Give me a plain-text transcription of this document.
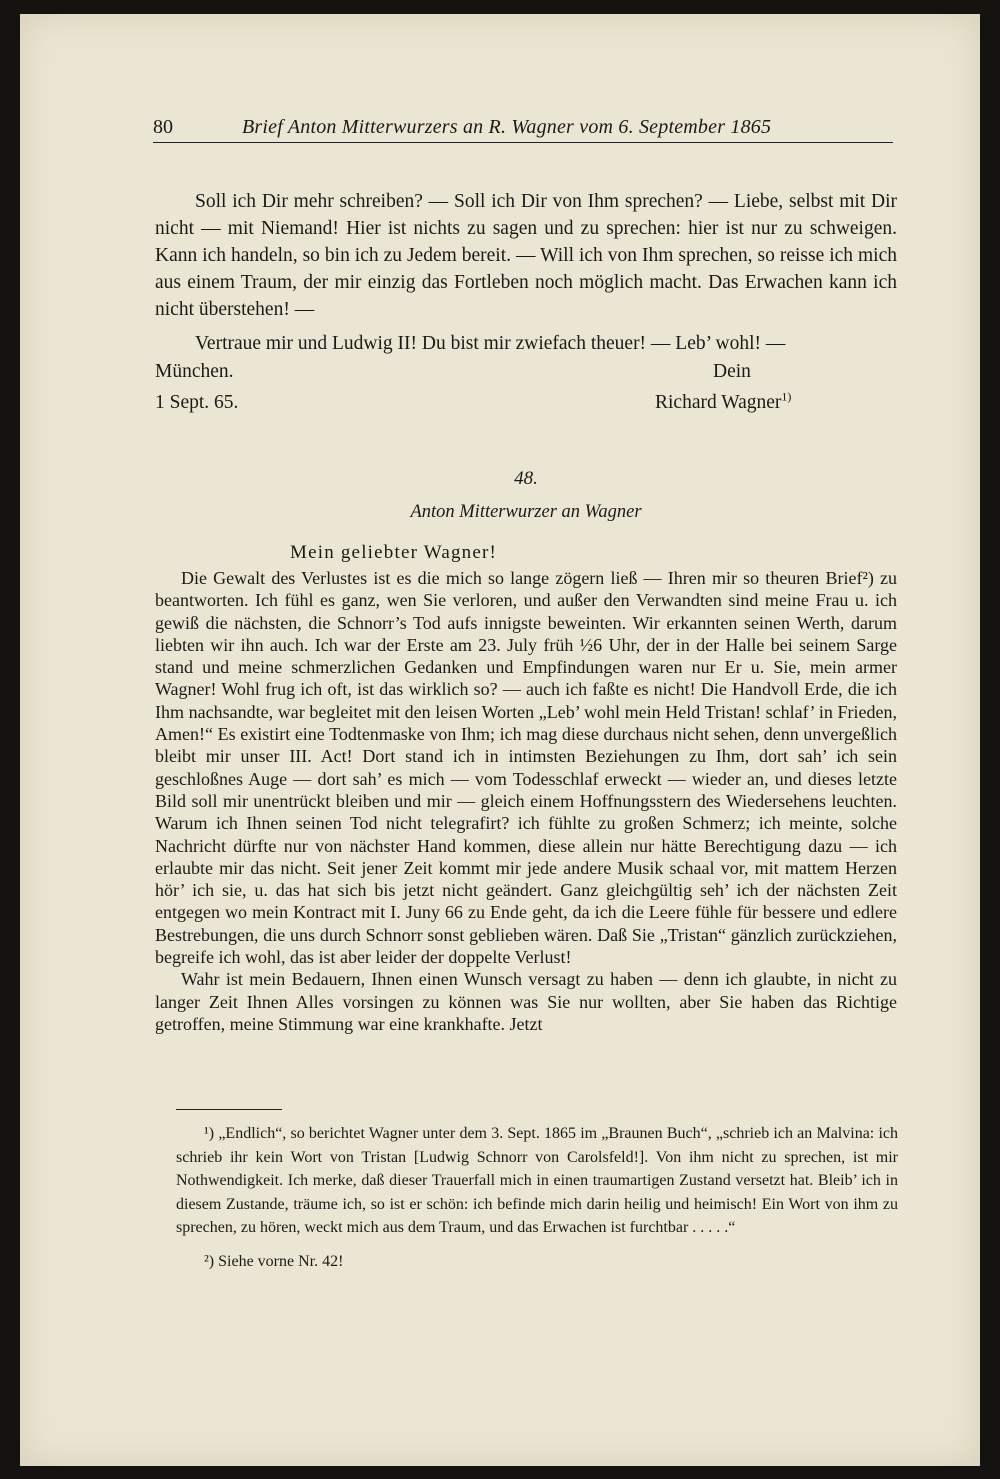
80	Brief Anton Mitterwurzers an R. Wagner vom 6. September 1865

Soll ich Dir mehr schreiben? — Soll ich Dir von Ihm sprechen? — Liebe, selbst mit Dir nicht — mit Niemand! Hier ist nichts zu sagen und zu sprechen: hier ist nur zu schweigen. Kann ich handeln, so bin ich zu Jedem bereit. — Will ich von Ihm sprechen, so reisse ich mich aus einem Traum, der mir einzig das Fortleben noch möglich macht. Das Erwachen kann ich nicht überstehen! —

Vertraue mir und Ludwig II! Du bist mir zwiefach theuer! — Leb’ wohl! —

München.	Dein
1 Sept. 65.	Richard Wagner$^{1)}$
48.
Anton Mitterwurzer an Wagner
Mein geliebter Wagner!

Die Gewalt des Verlustes ist es die mich so lange zögern ließ — Ihren mir so theuren Brief²) zu beantworten. Ich fühl es ganz, wen Sie verloren, und außer den Verwandten sind meine Frau u. ich gewiß die nächsten, die Schnorr’s Tod aufs innigste beweinten. Wir erkannten seinen Werth, darum liebten wir ihn auch. Ich war der Erste am 23. July früh ½6 Uhr, der in der Halle bei seinem Sarge stand und meine schmerzlichen Gedanken und Empfindungen waren nur Er u. Sie, mein armer Wagner! Wohl frug ich oft, ist das wirklich so? — auch ich faßte es nicht! Die Handvoll Erde, die ich Ihm nachsandte, war begleitet mit den leisen Worten „Leb’ wohl mein Held Tristan! schlaf’ in Frieden, Amen!“ Es existirt eine Todtenmaske von Ihm; ich mag diese durchaus nicht sehen, denn unvergeßlich bleibt mir unser III. Act! Dort stand ich in intimsten Beziehungen zu Ihm, dort sah’ ich sein geschloßnes Auge — dort sah’ es mich — vom Todesschlaf erweckt — wieder an, und dieses letzte Bild soll mir unentrückt bleiben und mir — gleich einem Hoffnungsstern des Wiedersehens leuchten. Warum ich Ihnen seinen Tod nicht telegrafirt? ich fühlte zu großen Schmerz; ich meinte, solche Nachricht dürfte nur von nächster Hand kommen, diese allein nur hätte Berechtigung dazu — ich erlaubte mir das nicht. Seit jener Zeit kommt mir jede andere Musik schaal vor, mit mattem Herzen hör’ ich sie, u. das hat sich bis jetzt nicht geändert. Ganz gleichgültig seh’ ich der nächsten Zeit entgegen wo mein Kontract mit I. Juny 66 zu Ende geht, da ich die Leere fühle für bessere und edlere Bestrebungen, die uns durch Schnorr sonst geblieben wären. Daß Sie „Tristan“ gänzlich zurückziehen, begreife ich wohl, das ist aber leider der doppelte Verlust!

Wahr ist mein Bedauern, Ihnen einen Wunsch versagt zu haben — denn ich glaubte, in nicht zu langer Zeit Ihnen Alles vorsingen zu können was Sie nur wollten, aber Sie haben das Richtige getroffen, meine Stimmung war eine krankhafte. Jetzt

¹) „Endlich“, so berichtet Wagner unter dem 3. Sept. 1865 im „Braunen Buch“, „schrieb ich an Malvina: ich schrieb ihr kein Wort von Tristan [Ludwig Schnorr von Carolsfeld!]. Von ihm nicht zu sprechen, ist mir Nothwendigkeit. Ich merke, daß dieser Trauerfall mich in einen traumartigen Zustand versetzt hat. Bleib’ ich in diesem Zustande, träume ich, so ist er schön: ich befinde mich darin heilig und heimisch! Ein Wort von ihm zu sprechen, zu hören, weckt mich aus dem Traum, und das Erwachen ist furchtbar . . . . .“

²) Siehe vorne Nr. 42!
